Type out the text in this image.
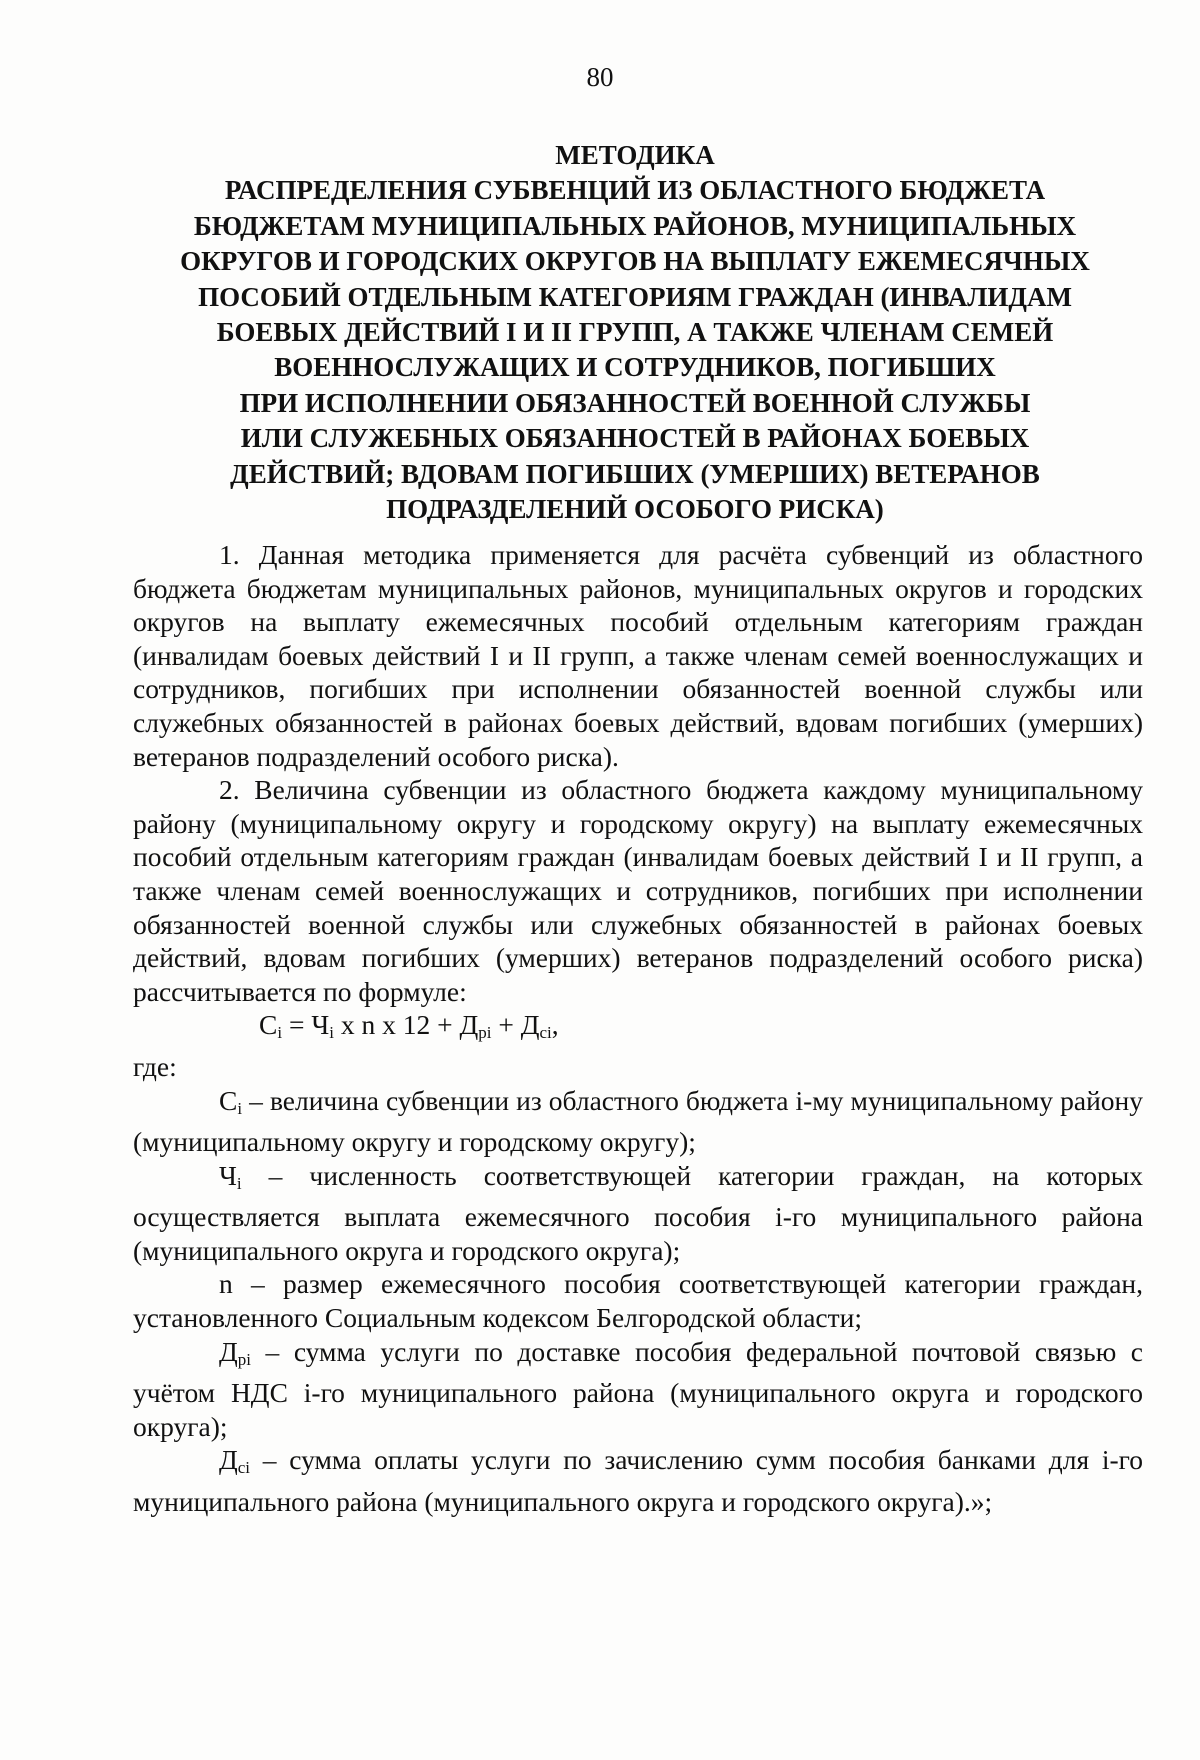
80
МЕТОДИКА
РАСПРЕДЕЛЕНИЯ СУБВЕНЦИЙ ИЗ ОБЛАСТНОГО БЮДЖЕТА
БЮДЖЕТАМ МУНИЦИПАЛЬНЫХ РАЙОНОВ, МУНИЦИПАЛЬНЫХ
ОКРУГОВ И ГОРОДСКИХ ОКРУГОВ НА ВЫПЛАТУ ЕЖЕМЕСЯЧНЫХ
ПОСОБИЙ ОТДЕЛЬНЫМ КАТЕГОРИЯМ ГРАЖДАН (ИНВАЛИДАМ
БОЕВЫХ ДЕЙСТВИЙ I И II ГРУПП, А ТАКЖЕ ЧЛЕНАМ СЕМЕЙ
ВОЕННОСЛУЖАЩИХ И СОТРУДНИКОВ, ПОГИБШИХ
ПРИ ИСПОЛНЕНИИ ОБЯЗАННОСТЕЙ ВОЕННОЙ СЛУЖБЫ
ИЛИ СЛУЖЕБНЫХ ОБЯЗАННОСТЕЙ В РАЙОНАХ БОЕВЫХ
ДЕЙСТВИЙ; ВДОВАМ ПОГИБШИХ (УМЕРШИХ) ВЕТЕРАНОВ
ПОДРАЗДЕЛЕНИЙ ОСОБОГО РИСКА)

1. Данная методика применяется для расчёта субвенций из областного бюджета бюджетам муниципальных районов, муниципальных округов и городских округов на выплату ежемесячных пособий отдельным категориям граждан (инвалидам боевых действий I и II групп, а также членам семей военнослужащих и сотрудников, погибших при исполнении обязанностей военной службы или служебных обязанностей в районах боевых действий, вдовам погибших (умерших) ветеранов подразделений особого риска).

2. Величина субвенции из областного бюджета каждому муниципальному району (муниципальному округу и городскому округу) на выплату ежемесячных пособий отдельным категориям граждан (инвалидам боевых действий I и II групп, а также членам семей военнослужащих и сотрудников, погибших при исполнении обязанностей военной службы или служебных обязанностей в районах боевых действий, вдовам погибших (умерших) ветеранов подразделений особого риска) рассчитывается по формуле:

$C_i = Ч_i$ x n x $12 + Д_{pi} + Д_{ci}$,

где:

$C_i$ – величина субвенции из областного бюджета i-му муниципальному району (муниципальному округу и городскому округу);

$Ч_i$ – численность соответствующей категории граждан, на которых осуществляется выплата ежемесячного пособия i-го муниципального района (муниципального округа и городского округа);

n – размер ежемесячного пособия соответствующей категории граждан, установленного Социальным кодексом Белгородской области;

$Д_{pi}$ – сумма услуги по доставке пособия федеральной почтовой связью с учётом НДС i-го муниципального района (муниципального округа и городского округа);

$Д_{ci}$ – сумма оплаты услуги по зачислению сумм пособия банками для i-го муниципального района (муниципального округа и городского округа).»;
